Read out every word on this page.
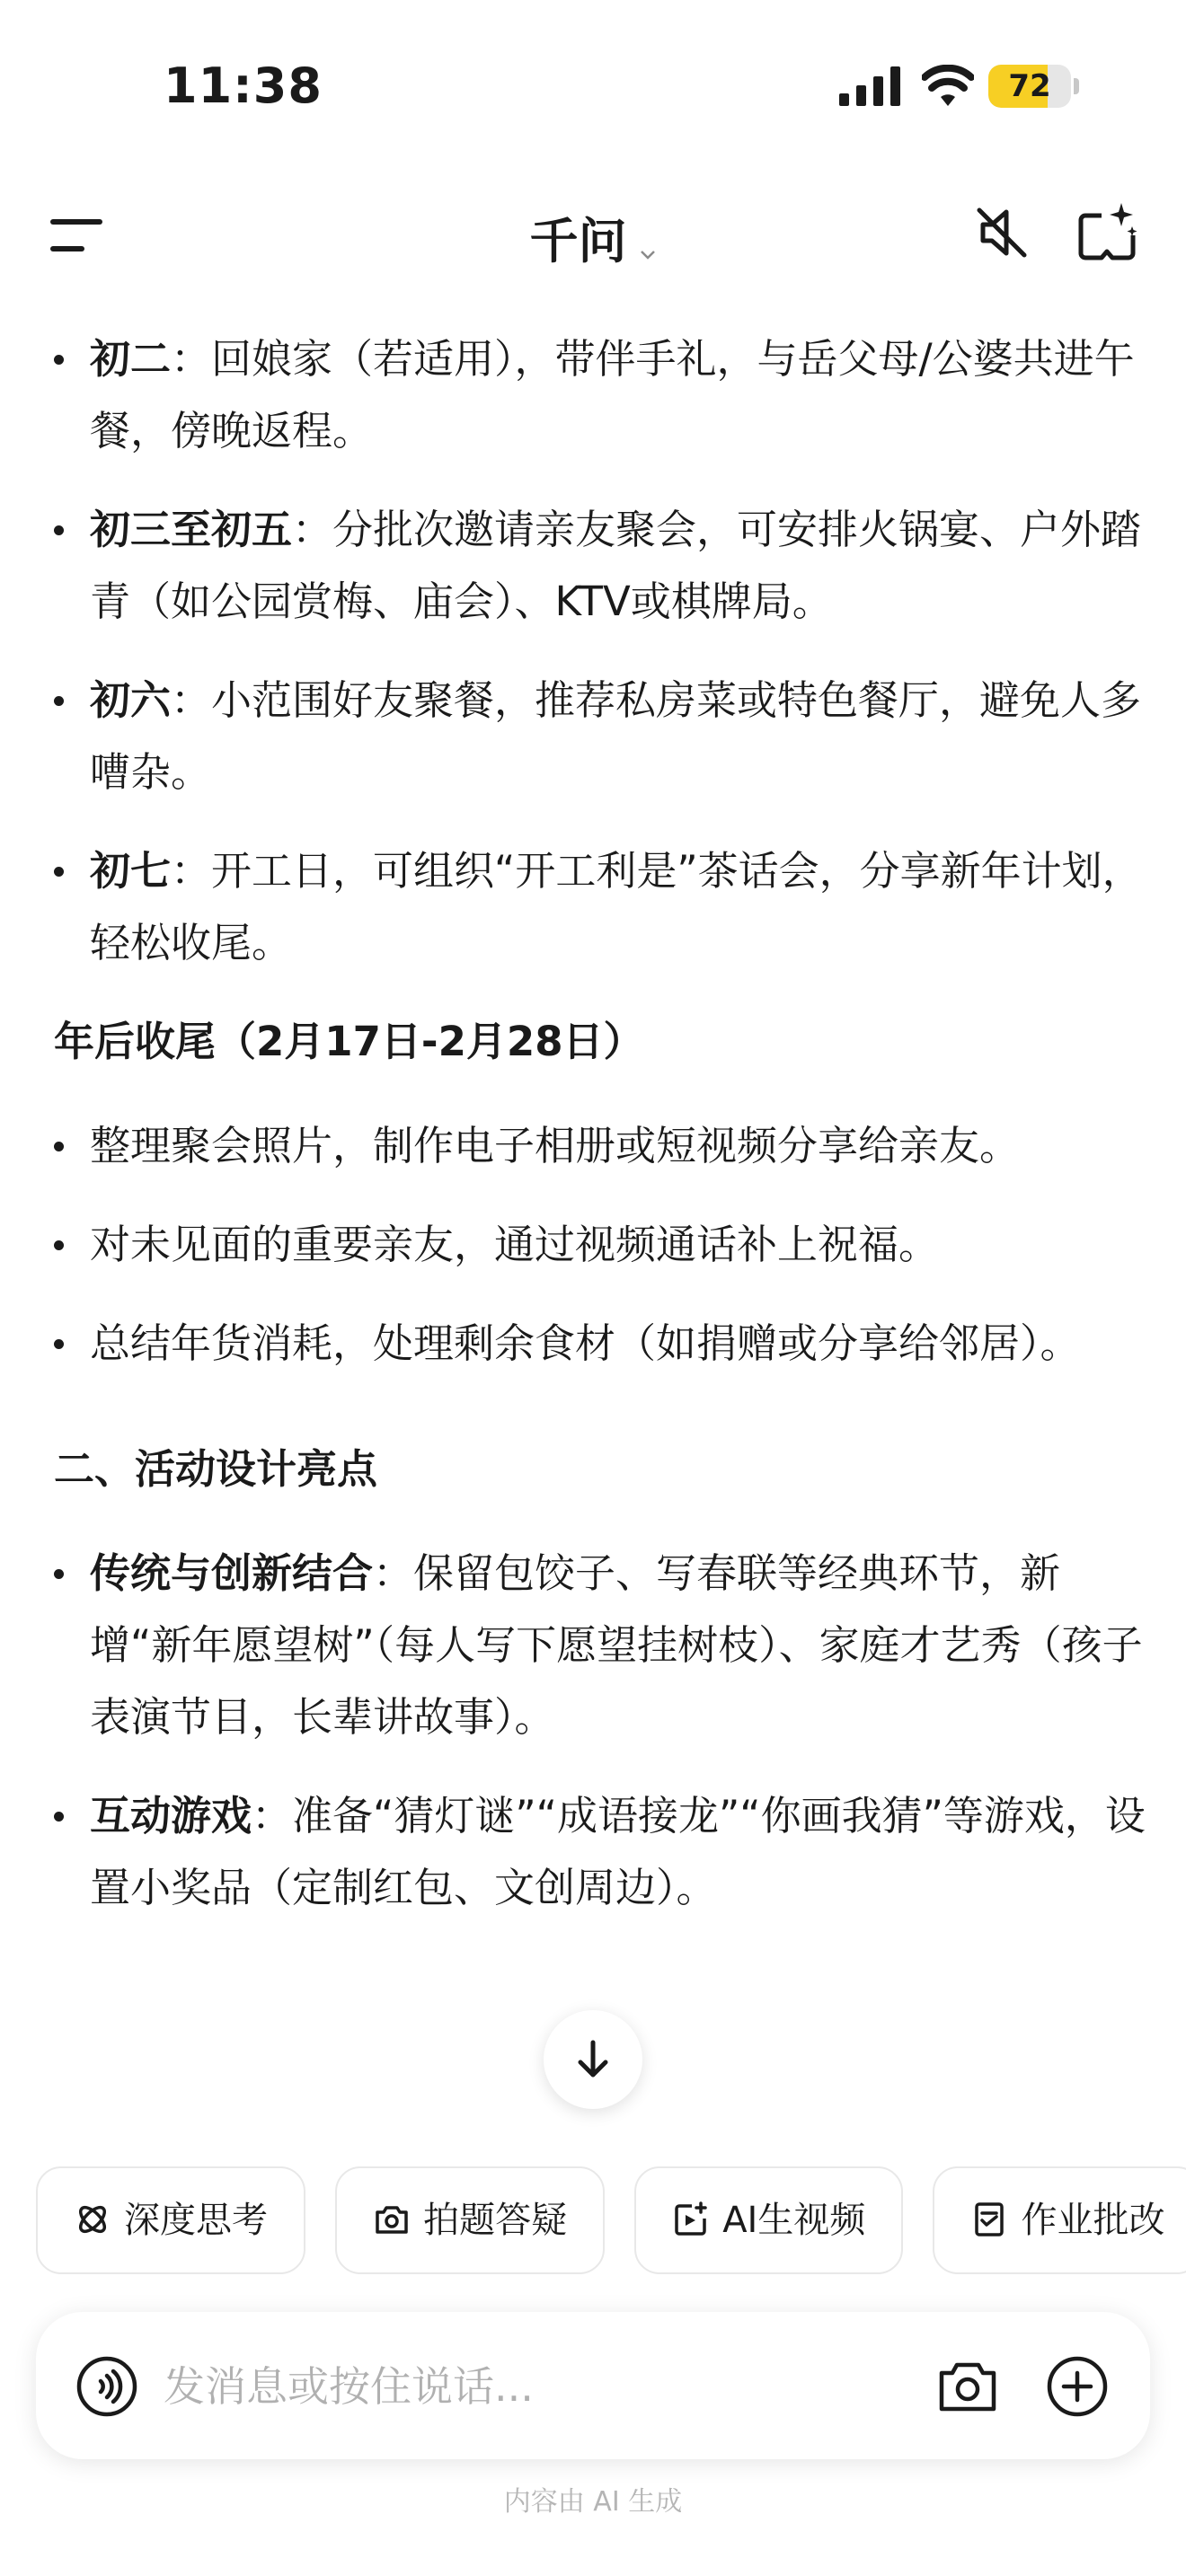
11:38	72
千问
初二：回娘家（若适用），带伴手礼，与岳父母/公婆共进午餐，傍晚返程。
初三至初五：分批次邀请亲友聚会，可安排火锅宴、户外踏青（如公园赏梅、庙会）、KTV或棋牌局。
初六：小范围好友聚餐，推荐私房菜或特色餐厅，避免人多嘈杂。
初七：开工日，可组织“开工利是”茶话会，分享新年计划，轻松收尾。
年后收尾（2月17日-2月28日）
整理聚会照片，制作电子相册或短视频分享给亲友。
对未见面的重要亲友，通过视频通话补上祝福。
总结年货消耗，处理剩余食材（如捐赠或分享给邻居）。
二、活动设计亮点
传统与创新结合：保留包饺子、写春联等经典环节，新增“新年愿望树”（每人写下愿望挂树枝）、家庭才艺秀（孩子表演节目，长辈讲故事）。
互动游戏：准备“猜灯谜”“成语接龙”“你画我猜”等游戏，设置小奖品（定制红包、文创周边）。
深度思考	拍题答疑	AI生视频	作业批改
发消息或按住说话...
内容由 AI 生成
